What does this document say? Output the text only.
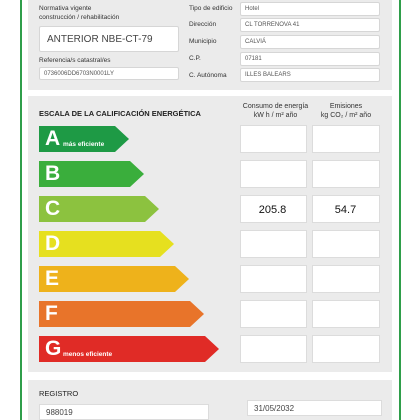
Normativa vigente
construcción / rehabilitación
ANTERIOR NBE-CT-79
Referencia/s catastral/es
0736006DD6703N0001LY
Tipo de edificio	Hotel
Dirección	CL TORRENOVA 41
Municipio	CALVIÁ
C.P.	07181
C. Autónoma	ILLES BALEARS
ESCALA DE LA CALIFICACIÓN ENERGÉTICA
Consumo de energía
kW h / m² año
Emisiones
kg CO₂ / m² año
A más eficiente
B
C	205.8	54.7
D
E
F
G menos eficiente
REGISTRO
988019	31/05/2032
